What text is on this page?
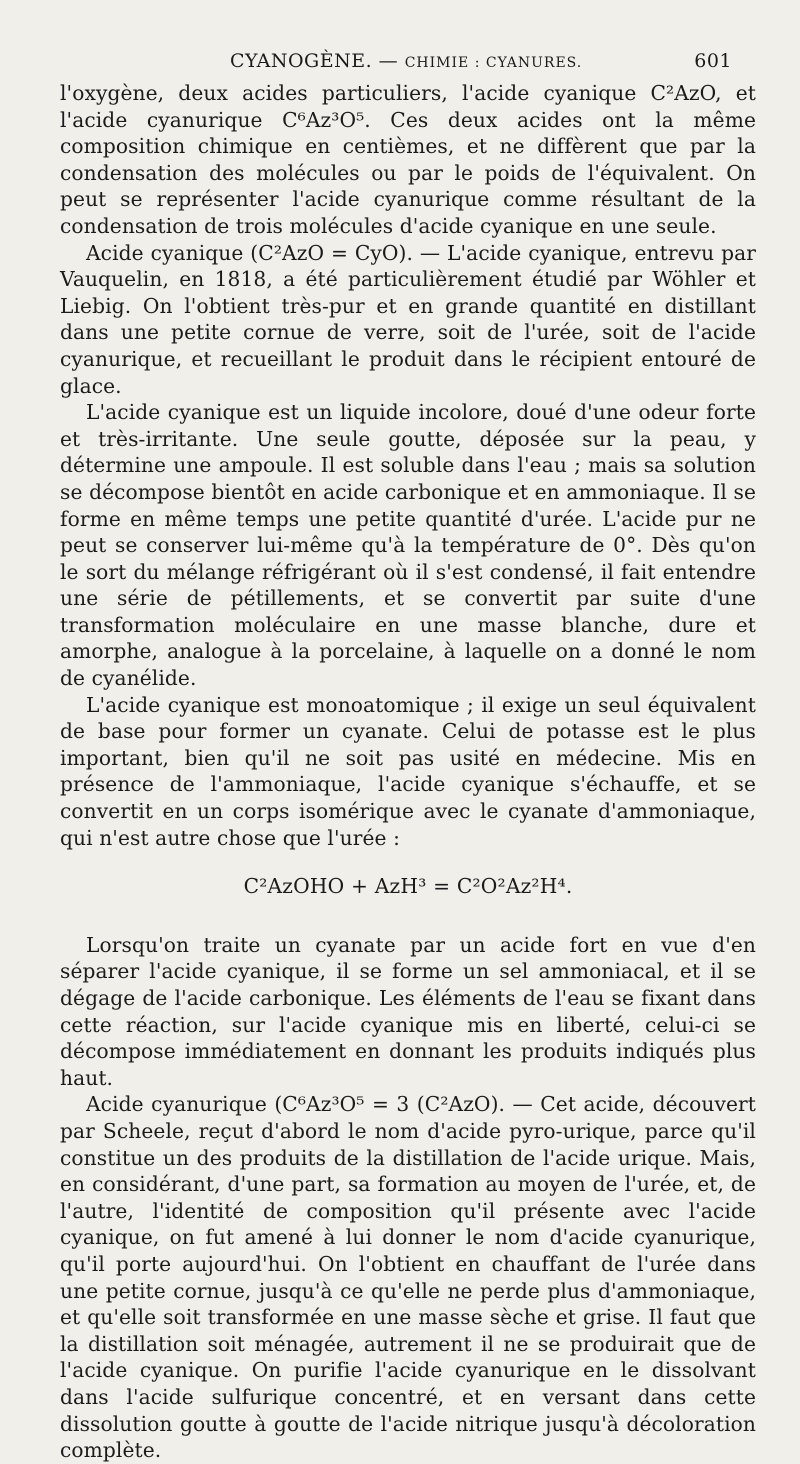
CYANOGÈNE. — CHIMIE : CYANURES.	601

l'oxygène, deux acides particuliers, l'acide cyanique C²AzO, et l'acide cyanurique C⁶Az³O⁵. Ces deux acides ont la même composition chimique en centièmes, et ne diffèrent que par la condensation des molécules ou par le poids de l'équivalent. On peut se représenter l'acide cyanurique comme résultant de la condensation de trois molécules d'acide cyanique en une seule.

Acide cyanique (C²AzO = CyO). — L'acide cyanique, entrevu par Vauquelin, en 1818, a été particulièrement étudié par Wöhler et Liebig. On l'obtient très-pur et en grande quantité en distillant dans une petite cornue de verre, soit de l'urée, soit de l'acide cyanurique, et recueillant le produit dans le récipient entouré de glace.

L'acide cyanique est un liquide incolore, doué d'une odeur forte et très-irritante. Une seule goutte, déposée sur la peau, y détermine une ampoule. Il est soluble dans l'eau ; mais sa solution se décompose bientôt en acide carbonique et en ammoniaque. Il se forme en même temps une petite quantité d'urée. L'acide pur ne peut se conserver lui-même qu'à la température de 0°. Dès qu'on le sort du mélange réfrigérant où il s'est condensé, il fait entendre une série de pétillements, et se convertit par suite d'une transformation moléculaire en une masse blanche, dure et amorphe, analogue à la porcelaine, à laquelle on a donné le nom de cyanélide.

L'acide cyanique est monoatomique ; il exige un seul équivalent de base pour former un cyanate. Celui de potasse est le plus important, bien qu'il ne soit pas usité en médecine. Mis en présence de l'ammoniaque, l'acide cyanique s'échauffe, et se convertit en un corps isomérique avec le cyanate d'ammoniaque, qui n'est autre chose que l'urée :

C²AzOHO + AzH³ = C²O²Az²H⁴.

Lorsqu'on traite un cyanate par un acide fort en vue d'en séparer l'acide cyanique, il se forme un sel ammoniacal, et il se dégage de l'acide carbonique. Les éléments de l'eau se fixant dans cette réaction, sur l'acide cyanique mis en liberté, celui-ci se décompose immédiatement en donnant les produits indiqués plus haut.

Acide cyanurique (C⁶Az³O⁵ = 3 (C²AzO). — Cet acide, découvert par Scheele, reçut d'abord le nom d'acide pyro-urique, parce qu'il constitue un des produits de la distillation de l'acide urique. Mais, en considérant, d'une part, sa formation au moyen de l'urée, et, de l'autre, l'identité de composition qu'il présente avec l'acide cyanique, on fut amené à lui donner le nom d'acide cyanurique, qu'il porte aujourd'hui. On l'obtient en chauffant de l'urée dans une petite cornue, jusqu'à ce qu'elle ne perde plus d'ammoniaque, et qu'elle soit transformée en une masse sèche et grise. Il faut que la distillation soit ménagée, autrement il ne se produirait que de l'acide cyanique. On purifie l'acide cyanurique en le dissolvant dans l'acide sulfurique concentré, et en versant dans cette dissolution goutte à goutte de l'acide nitrique jusqu'à décoloration complète.
